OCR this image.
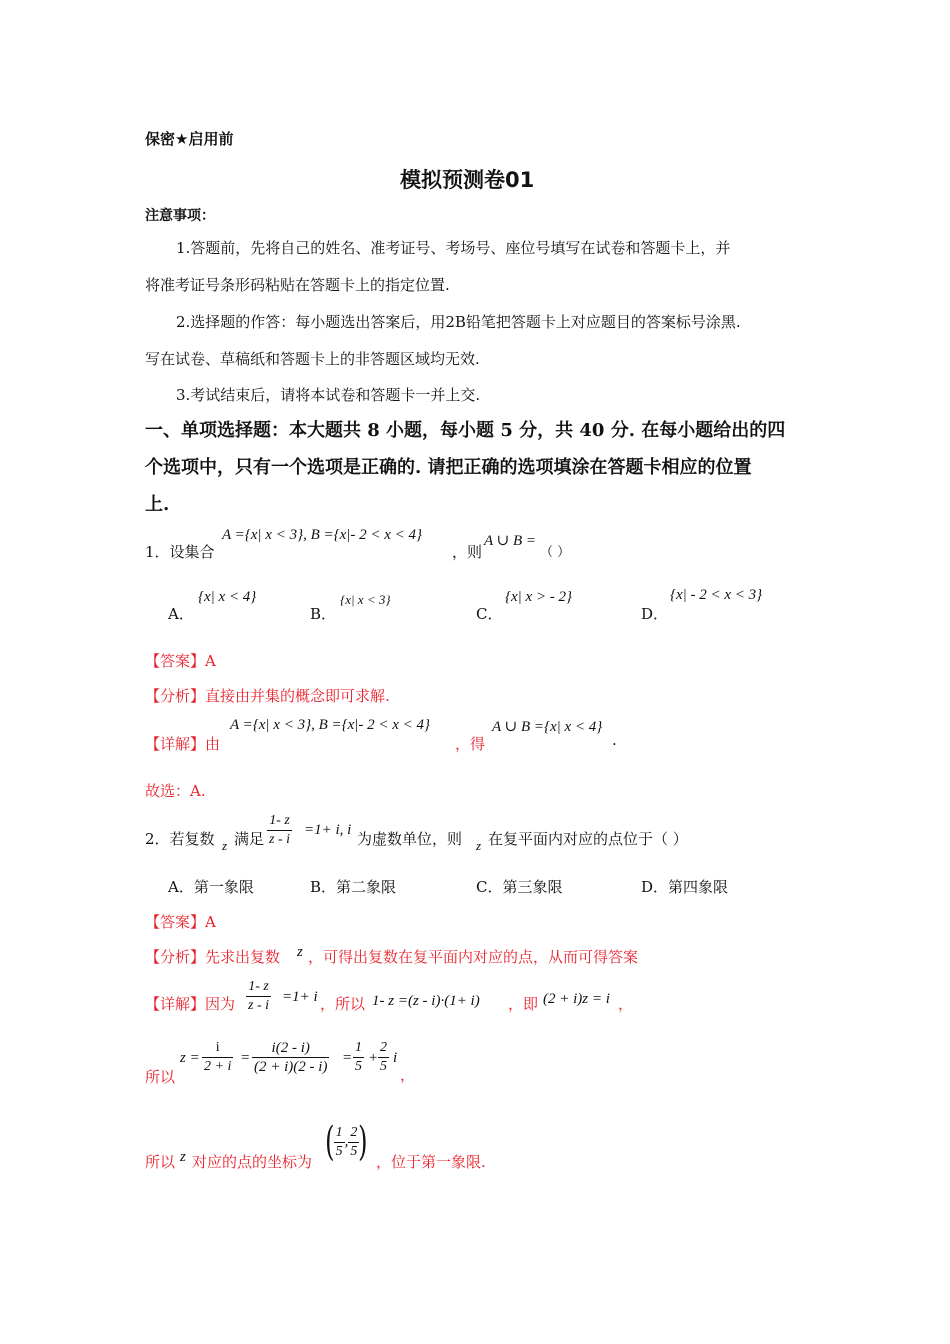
保密★启用前
模拟预测卷01
注意事项：
1.答题前，先将自己的姓名、准考证号、考场号、座位号填写在试卷和答题卡上，并
将准考证号条形码粘贴在答题卡上的指定位置.
2.选择题的作答：每小题选出答案后，用2B铅笔把答题卡上对应题目的答案标号涂黑.
写在试卷、草稿纸和答题卡上的非答题区域均无效.
3.考试结束后，请将本试卷和答题卡一并上交.
一、单项选择题：本大题共 8 小题，每小题 5 分，共 40 分. 在每小题给出的四
个选项中，只有一个选项是正确的. 请把正确的选项填涂在答题卡相应的位置
上.
1．设集合
A ={x| x < 3}, B ={x|- 2 < x < 4}
，则
A ∪ B =
（ ）
A．
{x| x < 4}
B．
{x| x < 3}
C．
{x| x > - 2}
D．
{x| - 2 < x < 3}
【答案】A
【分析】直接由并集的概念即可求解.
【详解】由
A ={x| x < 3}, B ={x|- 2 < x < 4}
，得
A ∪ B ={x| x < 4}
.
故选：A.
2．若复数 z 满足 $\frac{1- z}{z - i} =1+ i$, i 为虚数单位，则 z 在复平面内对应的点位于（ ）
A．第一象限	B．第二象限	C．第三象限	D．第四象限
【答案】A
【分析】先求出复数 z ，可得出复数在复平面内对应的点，从而可得答案
【详解】因为 $\frac{1- z}{z - i} =1+ i$ ，所以 1- z =(z - i)·(1+ i) ，即 (2 + i)z = i ，
所以
$z = \frac{i}{2 + i} = \frac{i(2 - i)}{(2 + i)(2 - i)} = \frac{1}{5} + \frac{2}{5}$ i
，
所以 z 对应的点的坐标为 ( $\frac{1}{5}$ , $\frac{2}{5}$ ) ，位于第一象限.
